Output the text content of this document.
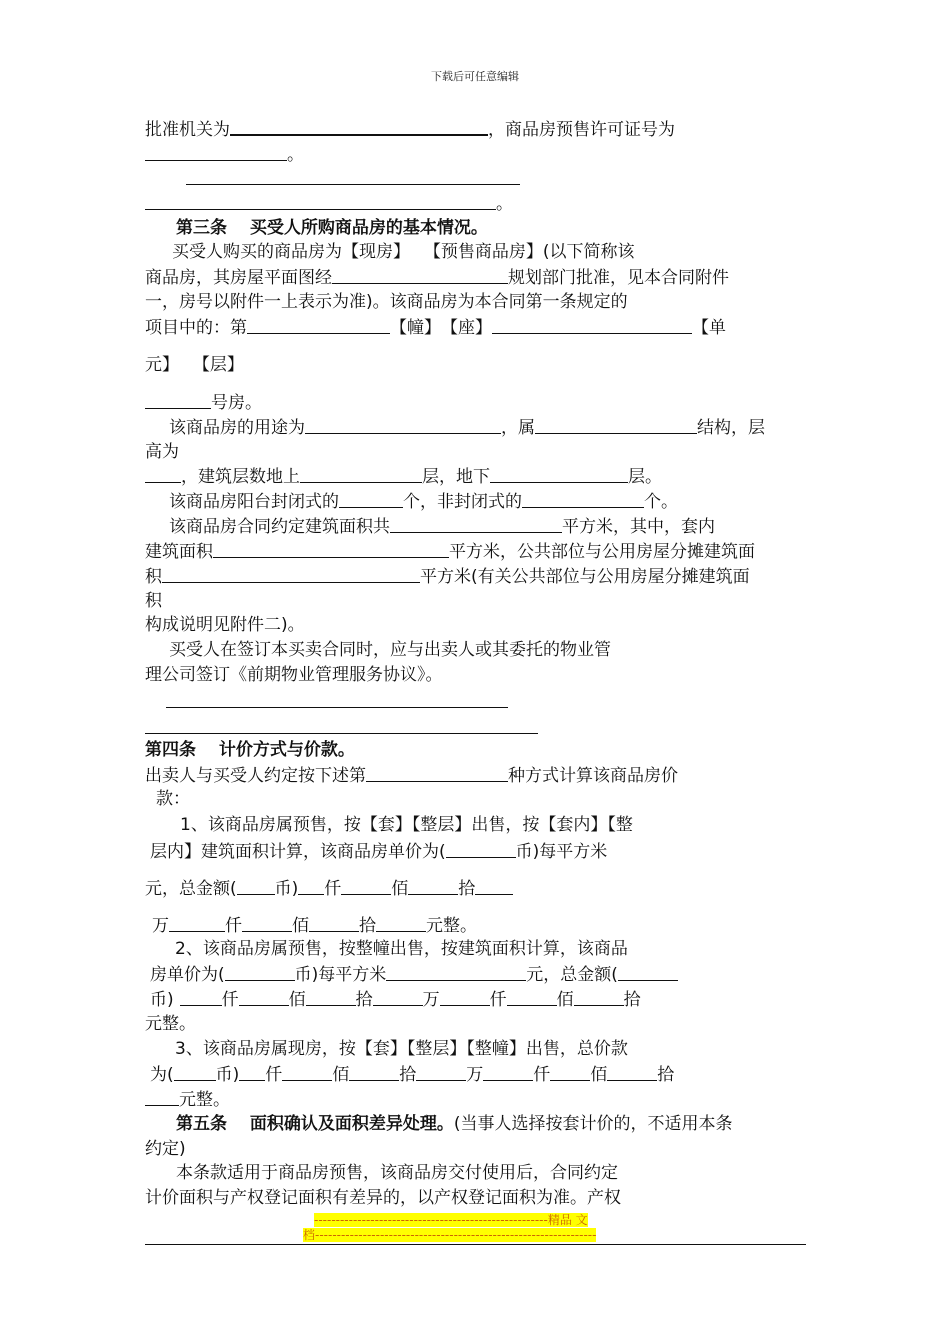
下载后可任意编辑
批准机关为	，商品房预售许可证号为
。
。
第三条　 买受人所购商品房的基本情况。
买受人购买的商品房为【现房】　 【预售商品房】(以下简称该
商品房，其房屋平面图经	规划部门批准，见本合同附件
一，房号以附件一上表示为准)。该商品房为本合同第一条规定的
项目中的：第	【幢】　【座】	【单
元】　 【层】
号房。
该商品房的用途为	，属	结构，层
高为
，建筑层数地上	层，地下	层。
该商品房阳台封闭式的	个，非封闭式的	个。
该商品房合同约定建筑面积共	平方米，其中，套内
建筑面积	平方米，公共部位与公用房屋分摊建筑面
积	平方米(有关公共部位与公用房屋分摊建筑面
积
构成说明见附件二)。
买受人在签订本买卖合同时，应与出卖人或其委托的物业管
理公司签订《前期物业管理服务协议》。
第四条　 计价方式与价款。
出卖人与买受人约定按下述第	种方式计算该商品房价
款：
1、该商品房属预售，按【套】【整层】出售，按【套内】【整
层内】建筑面积计算，该商品房单价为(	币)每平方米
元，总金额( 币) 仟	佰	拾
万	仟	佰	拾	元整。
2、该商品房属预售，按整幢出售，按建筑面积计算，该商品
房单价为(	币)每平方米	元，总金额(
币)	仟	佰	拾	万	仟	佰	拾
元整。
3、该商品房属现房，按【套】【整层】【整幢】出售，总价款
为( 币) 仟	佰	拾	万	仟 佰	拾
元整。
第五条　 面积确认及面积差异处理。(当事人选择按套计价的，不适用本条
约定)
本条款适用于商品房预售，该商品房交付使用后，合同约定
计价面积与产权登记面积有差异的，以产权登记面积为准。产权
------------------------------------------------------精品 文
档-----------------------------------------------------------------
